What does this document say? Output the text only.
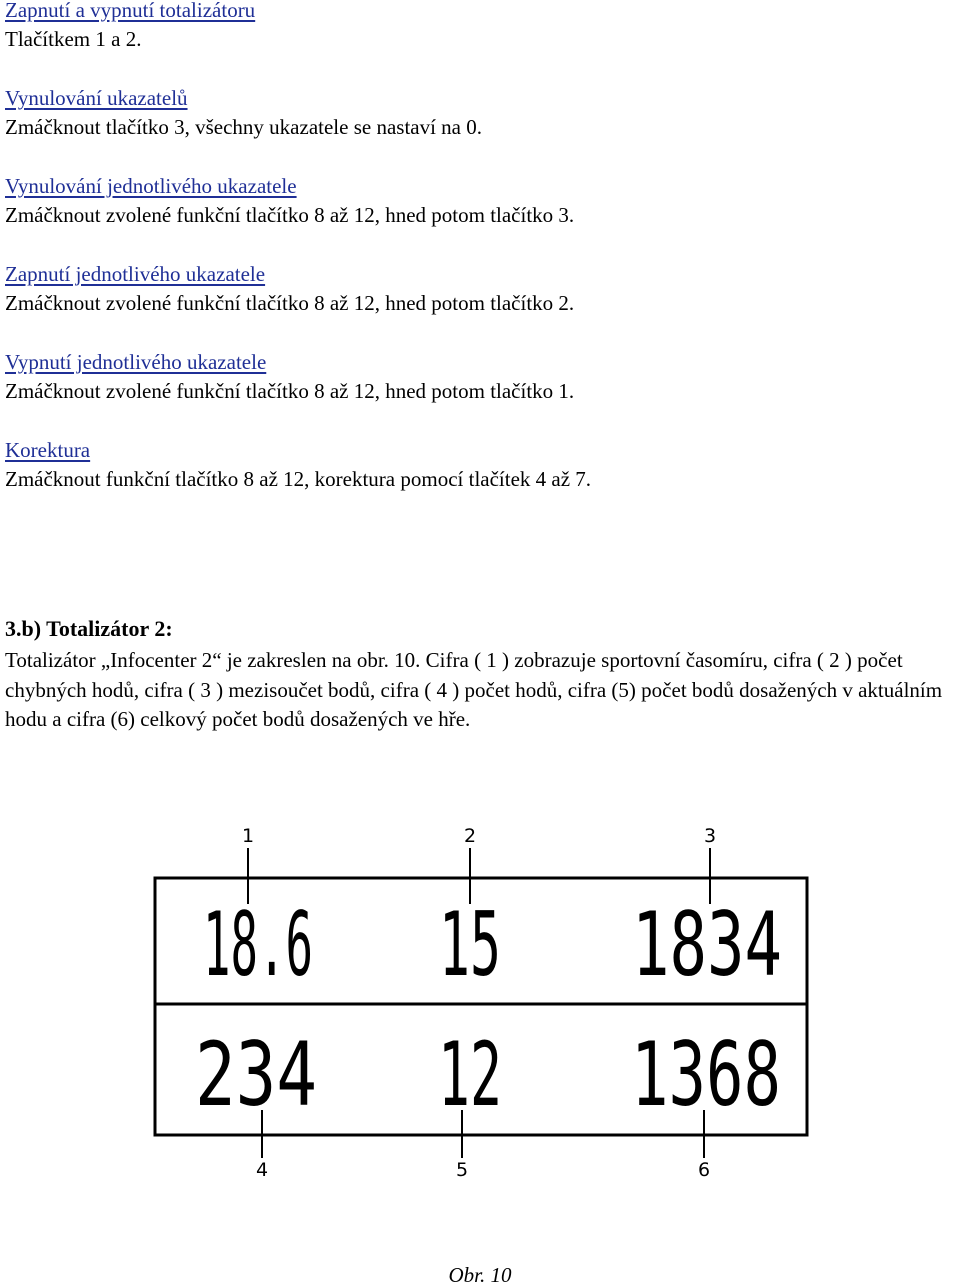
Zapnutí a vypnutí totalizátoru
Tlačítkem 1 a 2.
Vynulování ukazatelů
Zmáčknout tlačítko 3, všechny ukazatele se nastaví na 0.
Vynulování jednotlivého ukazatele
Zmáčknout zvolené funkční tlačítko 8 až 12, hned potom tlačítko 3.
Zapnutí jednotlivého ukazatele
Zmáčknout zvolené funkční tlačítko 8 až 12, hned potom tlačítko 2.
Vypnutí jednotlivého ukazatele
Zmáčknout zvolené funkční tlačítko 8 až 12, hned potom tlačítko 1.
Korektura
Zmáčknout funkční tlačítko 8 až 12, korektura pomocí tlačítek 4 až 7.
3.b) Totalizátor 2:

Totalizátor „Infocenter 2“ je zakreslen na obr. 10. Cifra ( 1 ) zobrazuje sportovní časomíru, cifra ( 2 ) počet chybných hodů, cifra ( 3 ) mezisoučet bodů, cifra ( 4 ) počet hodů, cifra (5) počet bodů dosažených v aktuálním hodu a cifra (6) celkový počet bodů dosažených ve hře.

1	2	3
4	5	6
18.6 15 1834
234 12 1368
Obr. 10
